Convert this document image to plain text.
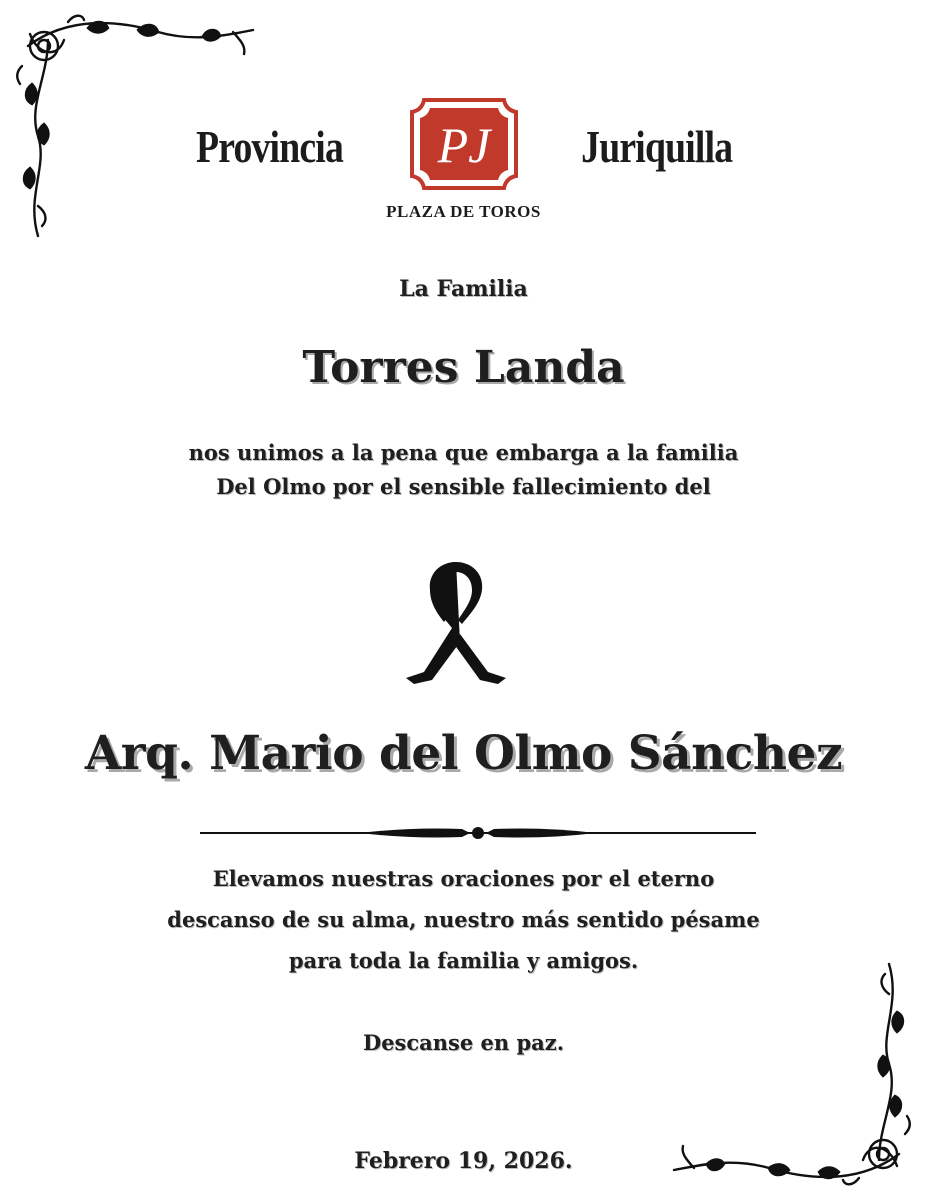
Provincia PJ Juriquilla
PLAZA DE TOROS
La Familia
Torres Landa
nos unimos a la pena que embarga a la familia
Del Olmo por el sensible fallecimiento del
Arq. Mario del Olmo Sánchez
Elevamos nuestras oraciones por el eterno
descanso de su alma, nuestro más sentido pésame
para toda la familia y amigos.
Descanse en paz.
Febrero 19, 2026.
